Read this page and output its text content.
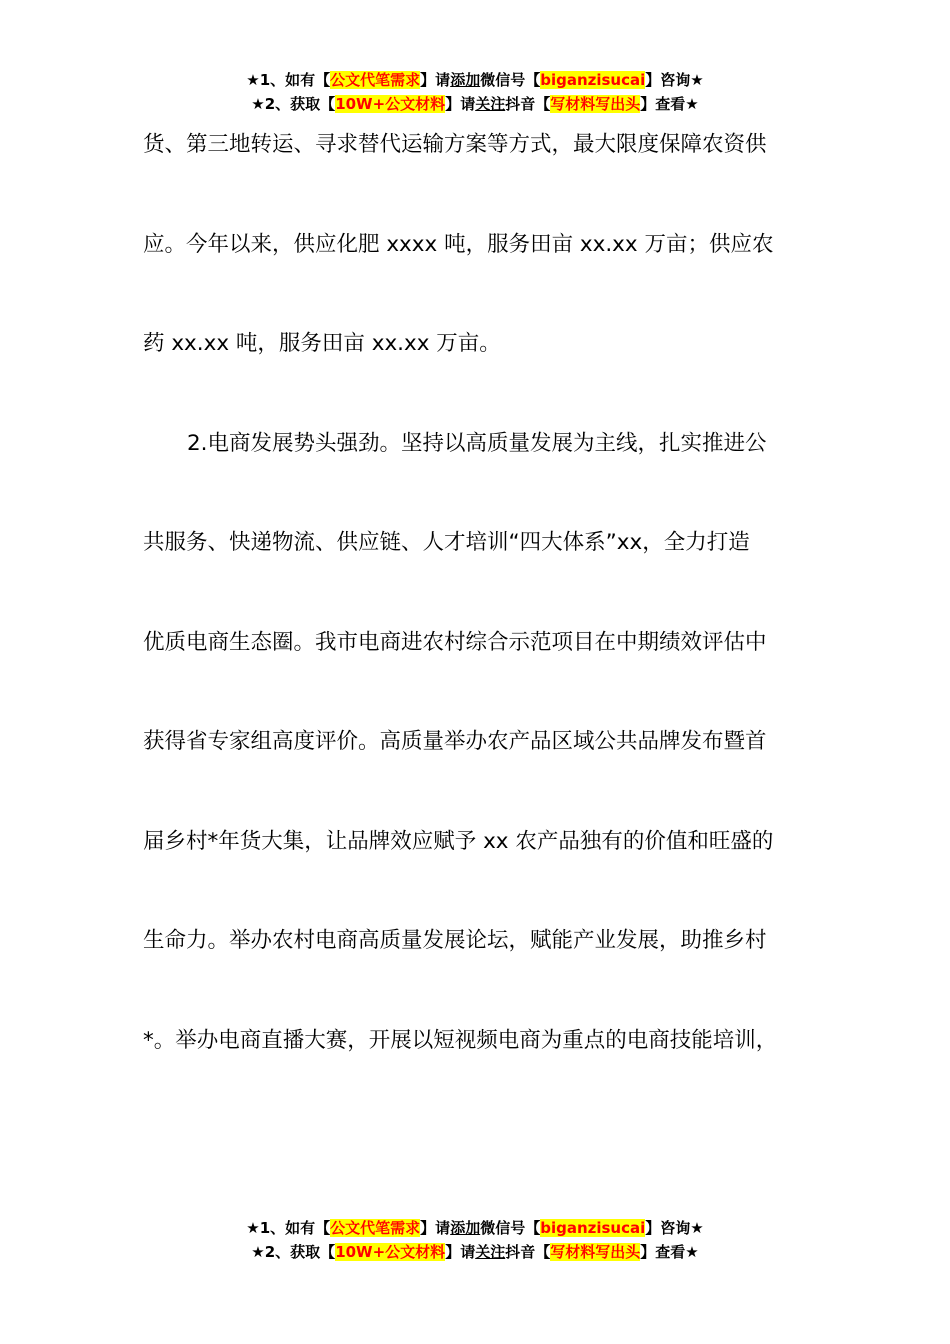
★1、如有【公文代笔需求】请添加微信号【biganzisucai】咨询★
★2、获取【10W+公文材料】请关注抖音【写材料写出头】查看★
货、第三地转运、寻求替代运输方案等方式，最大限度保障农资供
应。今年以来，供应化肥 xxxx 吨，服务田亩 xx.xx 万亩；供应农
药 xx.xx 吨，服务田亩 xx.xx 万亩。
2.电商发展势头强劲。坚持以高质量发展为主线，扎实推进公
共服务、快递物流、供应链、人才培训“四大体系”xx，全力打造
优质电商生态圈。我市电商进农村综合示范项目在中期绩效评估中
获得省专家组高度评价。高质量举办农产品区域公共品牌发布暨首
届乡村*年货大集，让品牌效应赋予 xx 农产品独有的价值和旺盛的
生命力。举办农村电商高质量发展论坛，赋能产业发展，助推乡村
*。举办电商直播大赛，开展以短视频电商为重点的电商技能培训，
★1、如有【公文代笔需求】请添加微信号【biganzisucai】咨询★
★2、获取【10W+公文材料】请关注抖音【写材料写出头】查看★
